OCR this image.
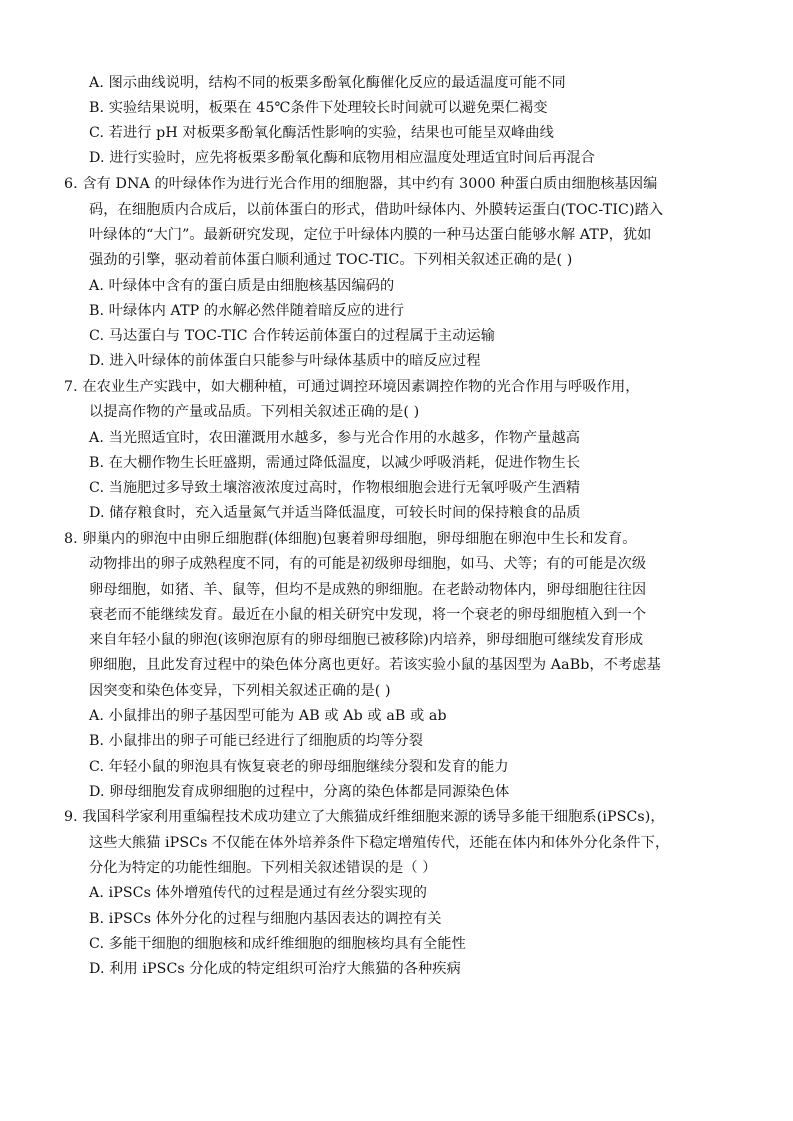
A. 图示曲线说明，结构不同的板栗多酚氧化酶催化反应的最适温度可能不同
B. 实验结果说明，板栗在 45℃条件下处理较长时间就可以避免栗仁褐变
C. 若进行 pH 对板栗多酚氧化酶活性影响的实验，结果也可能呈双峰曲线
D. 进行实验时，应先将板栗多酚氧化酶和底物用相应温度处理适宜时间后再混合
6. 含有 DNA 的叶绿体作为进行光合作用的细胞器，其中约有 3000 种蛋白质由细胞核基因编
码，在细胞质内合成后，以前体蛋白的形式，借助叶绿体内、外膜转运蛋白(TOC-TIC)踏入
叶绿体的“大门”。最新研究发现，定位于叶绿体内膜的一种马达蛋白能够水解 ATP，犹如
强劲的引擎，驱动着前体蛋白顺利通过 TOC-TIC。下列相关叙述正确的是( )
A. 叶绿体中含有的蛋白质是由细胞核基因编码的
B. 叶绿体内 ATP 的水解必然伴随着暗反应的进行
C. 马达蛋白与 TOC-TIC 合作转运前体蛋白的过程属于主动运输
D. 进入叶绿体的前体蛋白只能参与叶绿体基质中的暗反应过程
7. 在农业生产实践中，如大棚种植，可通过调控环境因素调控作物的光合作用与呼吸作用，
以提高作物的产量或品质。下列相关叙述正确的是( )
A. 当光照适宜时，农田灌溉用水越多，参与光合作用的水越多，作物产量越高
B. 在大棚作物生长旺盛期，需通过降低温度，以减少呼吸消耗，促进作物生长
C. 当施肥过多导致土壤溶液浓度过高时，作物根细胞会进行无氧呼吸产生酒精
D. 储存粮食时，充入适量氮气并适当降低温度，可较长时间的保持粮食的品质
8. 卵巢内的卵泡中由卵丘细胞群(体细胞)包裹着卵母细胞，卵母细胞在卵泡中生长和发育。
动物排出的卵子成熟程度不同，有的可能是初级卵母细胞，如马、犬等；有的可能是次级
卵母细胞，如猪、羊、鼠等，但均不是成熟的卵细胞。在老龄动物体内，卵母细胞往往因
衰老而不能继续发育。最近在小鼠的相关研究中发现，将一个衰老的卵母细胞植入到一个
来自年轻小鼠的卵泡(该卵泡原有的卵母细胞已被移除)内培养，卵母细胞可继续发育形成
卵细胞，且此发育过程中的染色体分离也更好。若该实验小鼠的基因型为 AaBb，不考虑基
因突变和染色体变异，下列相关叙述正确的是( )
A. 小鼠排出的卵子基因型可能为 AB 或 Ab 或 aB 或 ab
B. 小鼠排出的卵子可能已经进行了细胞质的均等分裂
C. 年轻小鼠的卵泡具有恢复衰老的卵母细胞继续分裂和发育的能力
D. 卵母细胞发育成卵细胞的过程中，分离的染色体都是同源染色体
9. 我国科学家利用重编程技术成功建立了大熊猫成纤维细胞来源的诱导多能干细胞系(iPSCs)，
这些大熊猫 iPSCs 不仅能在体外培养条件下稳定增殖传代，还能在体内和体外分化条件下，
分化为特定的功能性细胞。下列相关叙述错误的是（ ）
A. iPSCs 体外增殖传代的过程是通过有丝分裂实现的
B. iPSCs 体外分化的过程与细胞内基因表达的调控有关
C. 多能干细胞的细胞核和成纤维细胞的细胞核均具有全能性
D. 利用 iPSCs 分化成的特定组织可治疗大熊猫的各种疾病
